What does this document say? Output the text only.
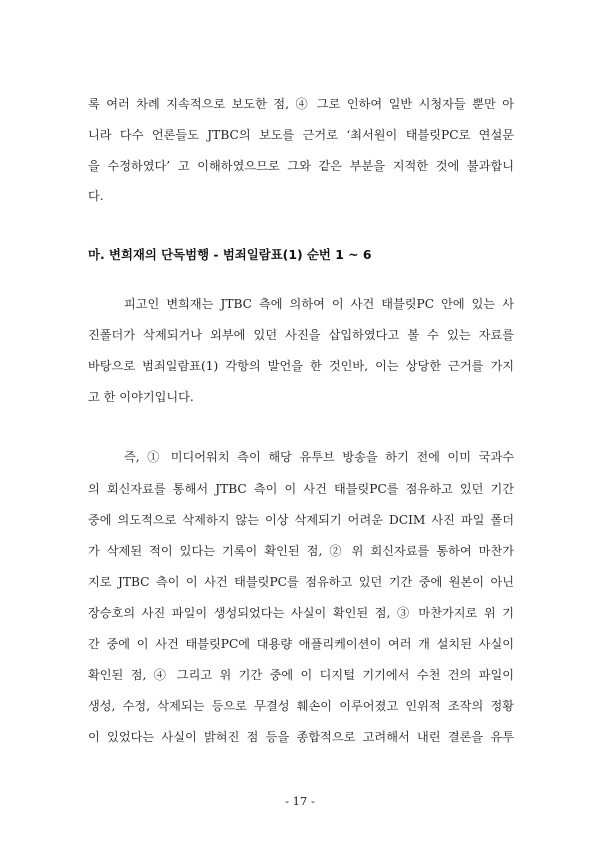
록 여러 차례 지속적으로 보도한 점, ④ 그로 인하여 일반 시청자들 뿐만 아
니라 다수 언론들도 JTBC의 보도를 근거로 ‘최서원이 태블릿PC로 연설문
을 수정하였다’ 고 이해하였으므로 그와 같은 부분을 지적한 것에 불과합니
다.
마. 변희재의 단독범행 - 범죄일람표(1) 순번 1 ~ 6
피고인 변희재는 JTBC 측에 의하여 이 사건 태블릿PC 안에 있는 사
진폴더가 삭제되거나 외부에 있던 사진을 삽입하였다고 볼 수 있는 자료를
바탕으로 범죄일람표(1) 각항의 발언을 한 것인바, 이는 상당한 근거를 가지
고 한 이야기입니다.
즉, ① 미디어워치 측이 해당 유투브 방송을 하기 전에 이미 국과수
의 회신자료를 통해서 JTBC 측이 이 사건 태블릿PC를 점유하고 있던 기간
중에 의도적으로 삭제하지 않는 이상 삭제되기 어려운 DCIM 사진 파일 폴더
가 삭제된 적이 있다는 기록이 확인된 점, ② 위 회신자료를 통하여 마찬가
지로 JTBC 측이 이 사건 태블릿PC를 점유하고 있던 기간 중에 원본이 아닌
장승호의 사진 파일이 생성되었다는 사실이 확인된 점, ③ 마찬가지로 위 기
간 중에 이 사건 태블릿PC에 대용량 애플리케이션이 여러 개 설치된 사실이
확인된 점, ④ 그리고 위 기간 중에 이 디지털 기기에서 수천 건의 파일이
생성, 수정, 삭제되는 등으로 무결성 훼손이 이루어졌고 인위적 조작의 정황
이 있었다는 사실이 밝혀진 점 등을 종합적으로 고려해서 내린 결론을 유투
- 17 -
